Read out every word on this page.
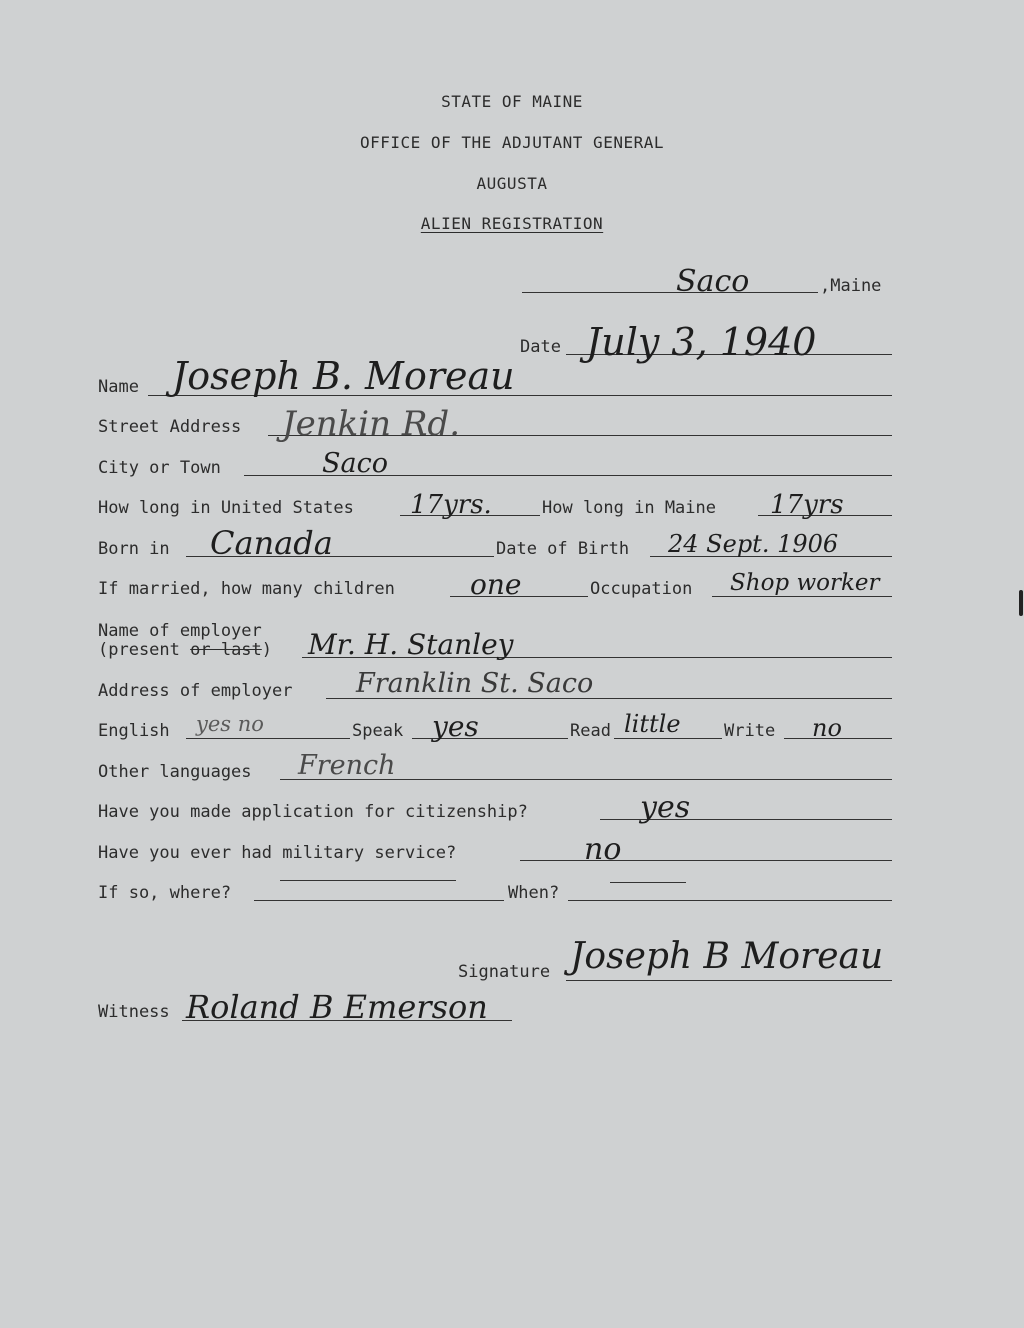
STATE OF MAINE
OFFICE OF THE ADJUTANT GENERAL
AUGUSTA
ALIEN REGISTRATION
Saco	,Maine
Date July 3, 1940
Name Joseph B. Moreau
Street Address Jenkin Rd.
City or Town	Saco
How long in United States 17yrs.	How long in Maine 17yrs
Born in Canada	Date of Birth 24 Sept. 1906
If married, how many children	one	Occupation Shop worker
Name of employer
(present or last) Mr. H. Stanley
Address of employer Franklin St. Saco
English yes no	Speak yes	Read little	Write no
Other languages French
Have you made application for citizenship?	yes
Have you ever had military service?	no
If so, where?	When?
Signature Joseph B Moreau
Witness Roland B Emerson
